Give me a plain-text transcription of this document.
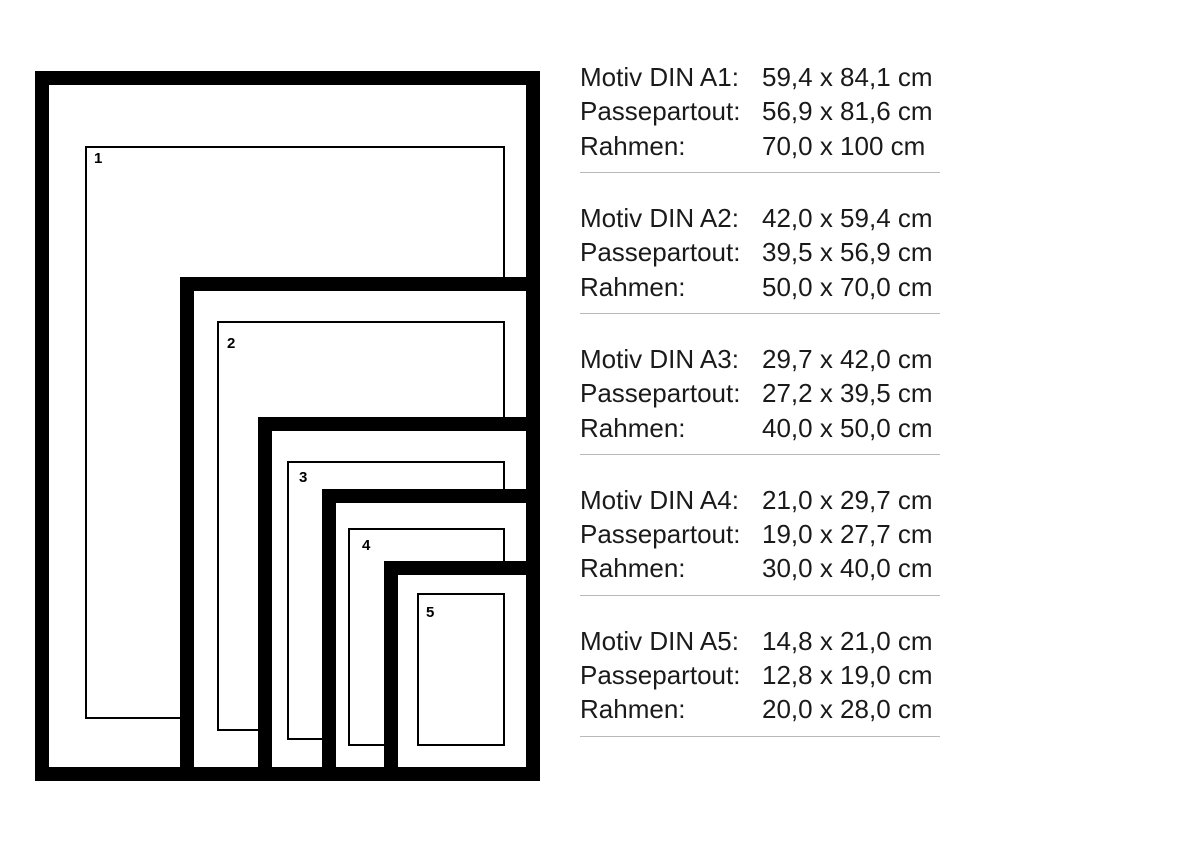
1
2
3
4
5
Motiv DIN A1: 59,4 x 84,1 cm
Passepartout: 56,9 x 81,6 cm
Rahmen:	70,0 x 100 cm
Motiv DIN A2: 42,0 x 59,4 cm
Passepartout: 39,5 x 56,9 cm
Rahmen:	50,0 x 70,0 cm
Motiv DIN A3: 29,7 x 42,0 cm
Passepartout: 27,2 x 39,5 cm
Rahmen:	40,0 x 50,0 cm
Motiv DIN A4: 21,0 x 29,7 cm
Passepartout: 19,0 x 27,7 cm
Rahmen:	30,0 x 40,0 cm
Motiv DIN A5: 14,8 x 21,0 cm
Passepartout: 12,8 x 19,0 cm
Rahmen:	20,0 x 28,0 cm
